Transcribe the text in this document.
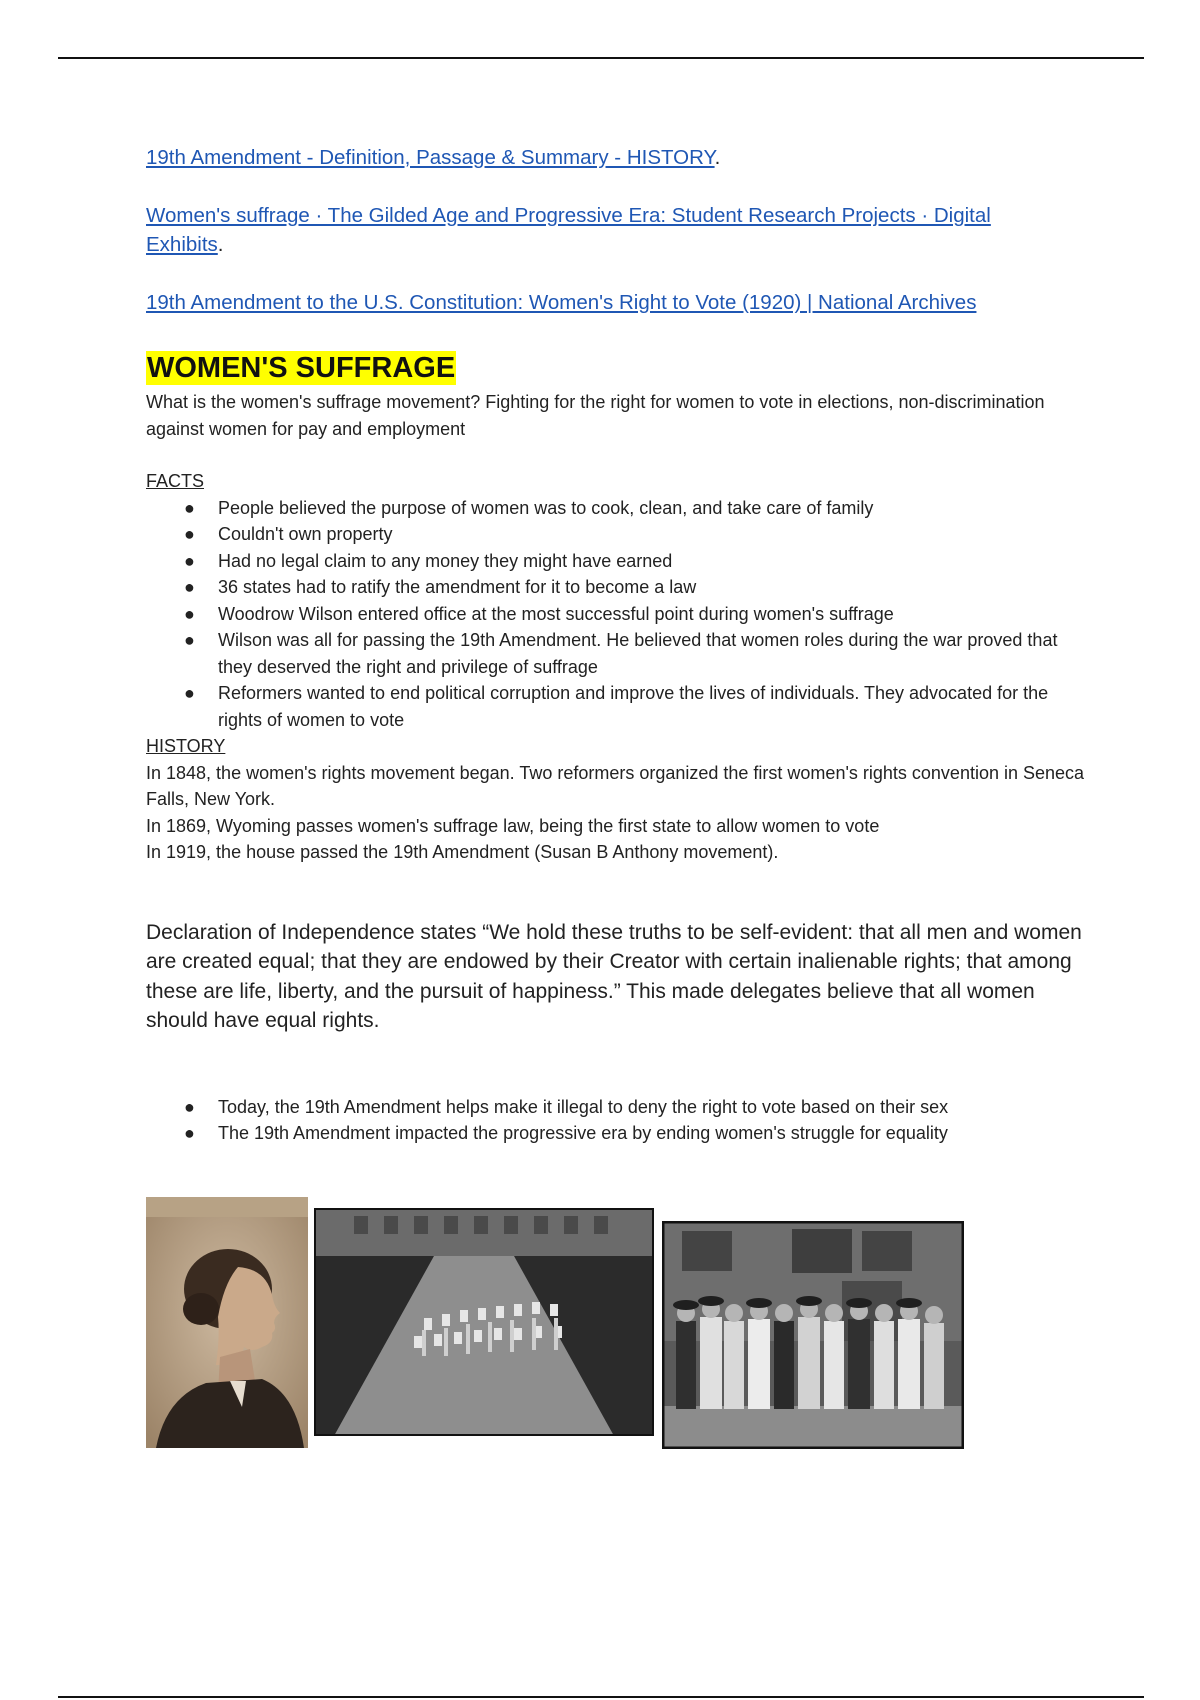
19th Amendment - Definition, Passage & Summary - HISTORY.

Women's suffrage · The Gilded Age and Progressive Era: Student Research Projects · Digital Exhibits.

19th Amendment to the U.S. Constitution: Women's Right to Vote (1920) | National Archives

WOMEN'S SUFFRAGE

What is the women's suffrage movement? Fighting for the right for women to vote in elections, non-discrimination against women for pay and employment

FACTS

● People believed the purpose of women was to cook, clean, and take care of family
● Couldn't own property
● Had no legal claim to any money they might have earned
● 36 states had to ratify the amendment for it to become a law
● Woodrow Wilson entered office at the most successful point during women's suffrage
● Wilson was all for passing the 19th Amendment. He believed that women roles during the war proved that they deserved the right and privilege of suffrage
● Reformers wanted to end political corruption and improve the lives of individuals. They advocated for the rights of women to vote

HISTORY

In 1848, the women's rights movement began. Two reformers organized the first women's rights convention in Seneca Falls, New York.

In 1869, Wyoming passes women's suffrage law, being the first state to allow women to vote

In 1919, the house passed the 19th Amendment (Susan B Anthony movement).

Declaration of Independence states “We hold these truths to be self-evident: that all men and women are created equal; that they are endowed by their Creator with certain inalienable rights; that among these are life, liberty, and the pursuit of happiness.” This made delegates believe that all women should have equal rights.

● Today, the 19th Amendment helps make it illegal to deny the right to vote based on their sex
● The 19th Amendment impacted the progressive era by ending women's struggle for equality
